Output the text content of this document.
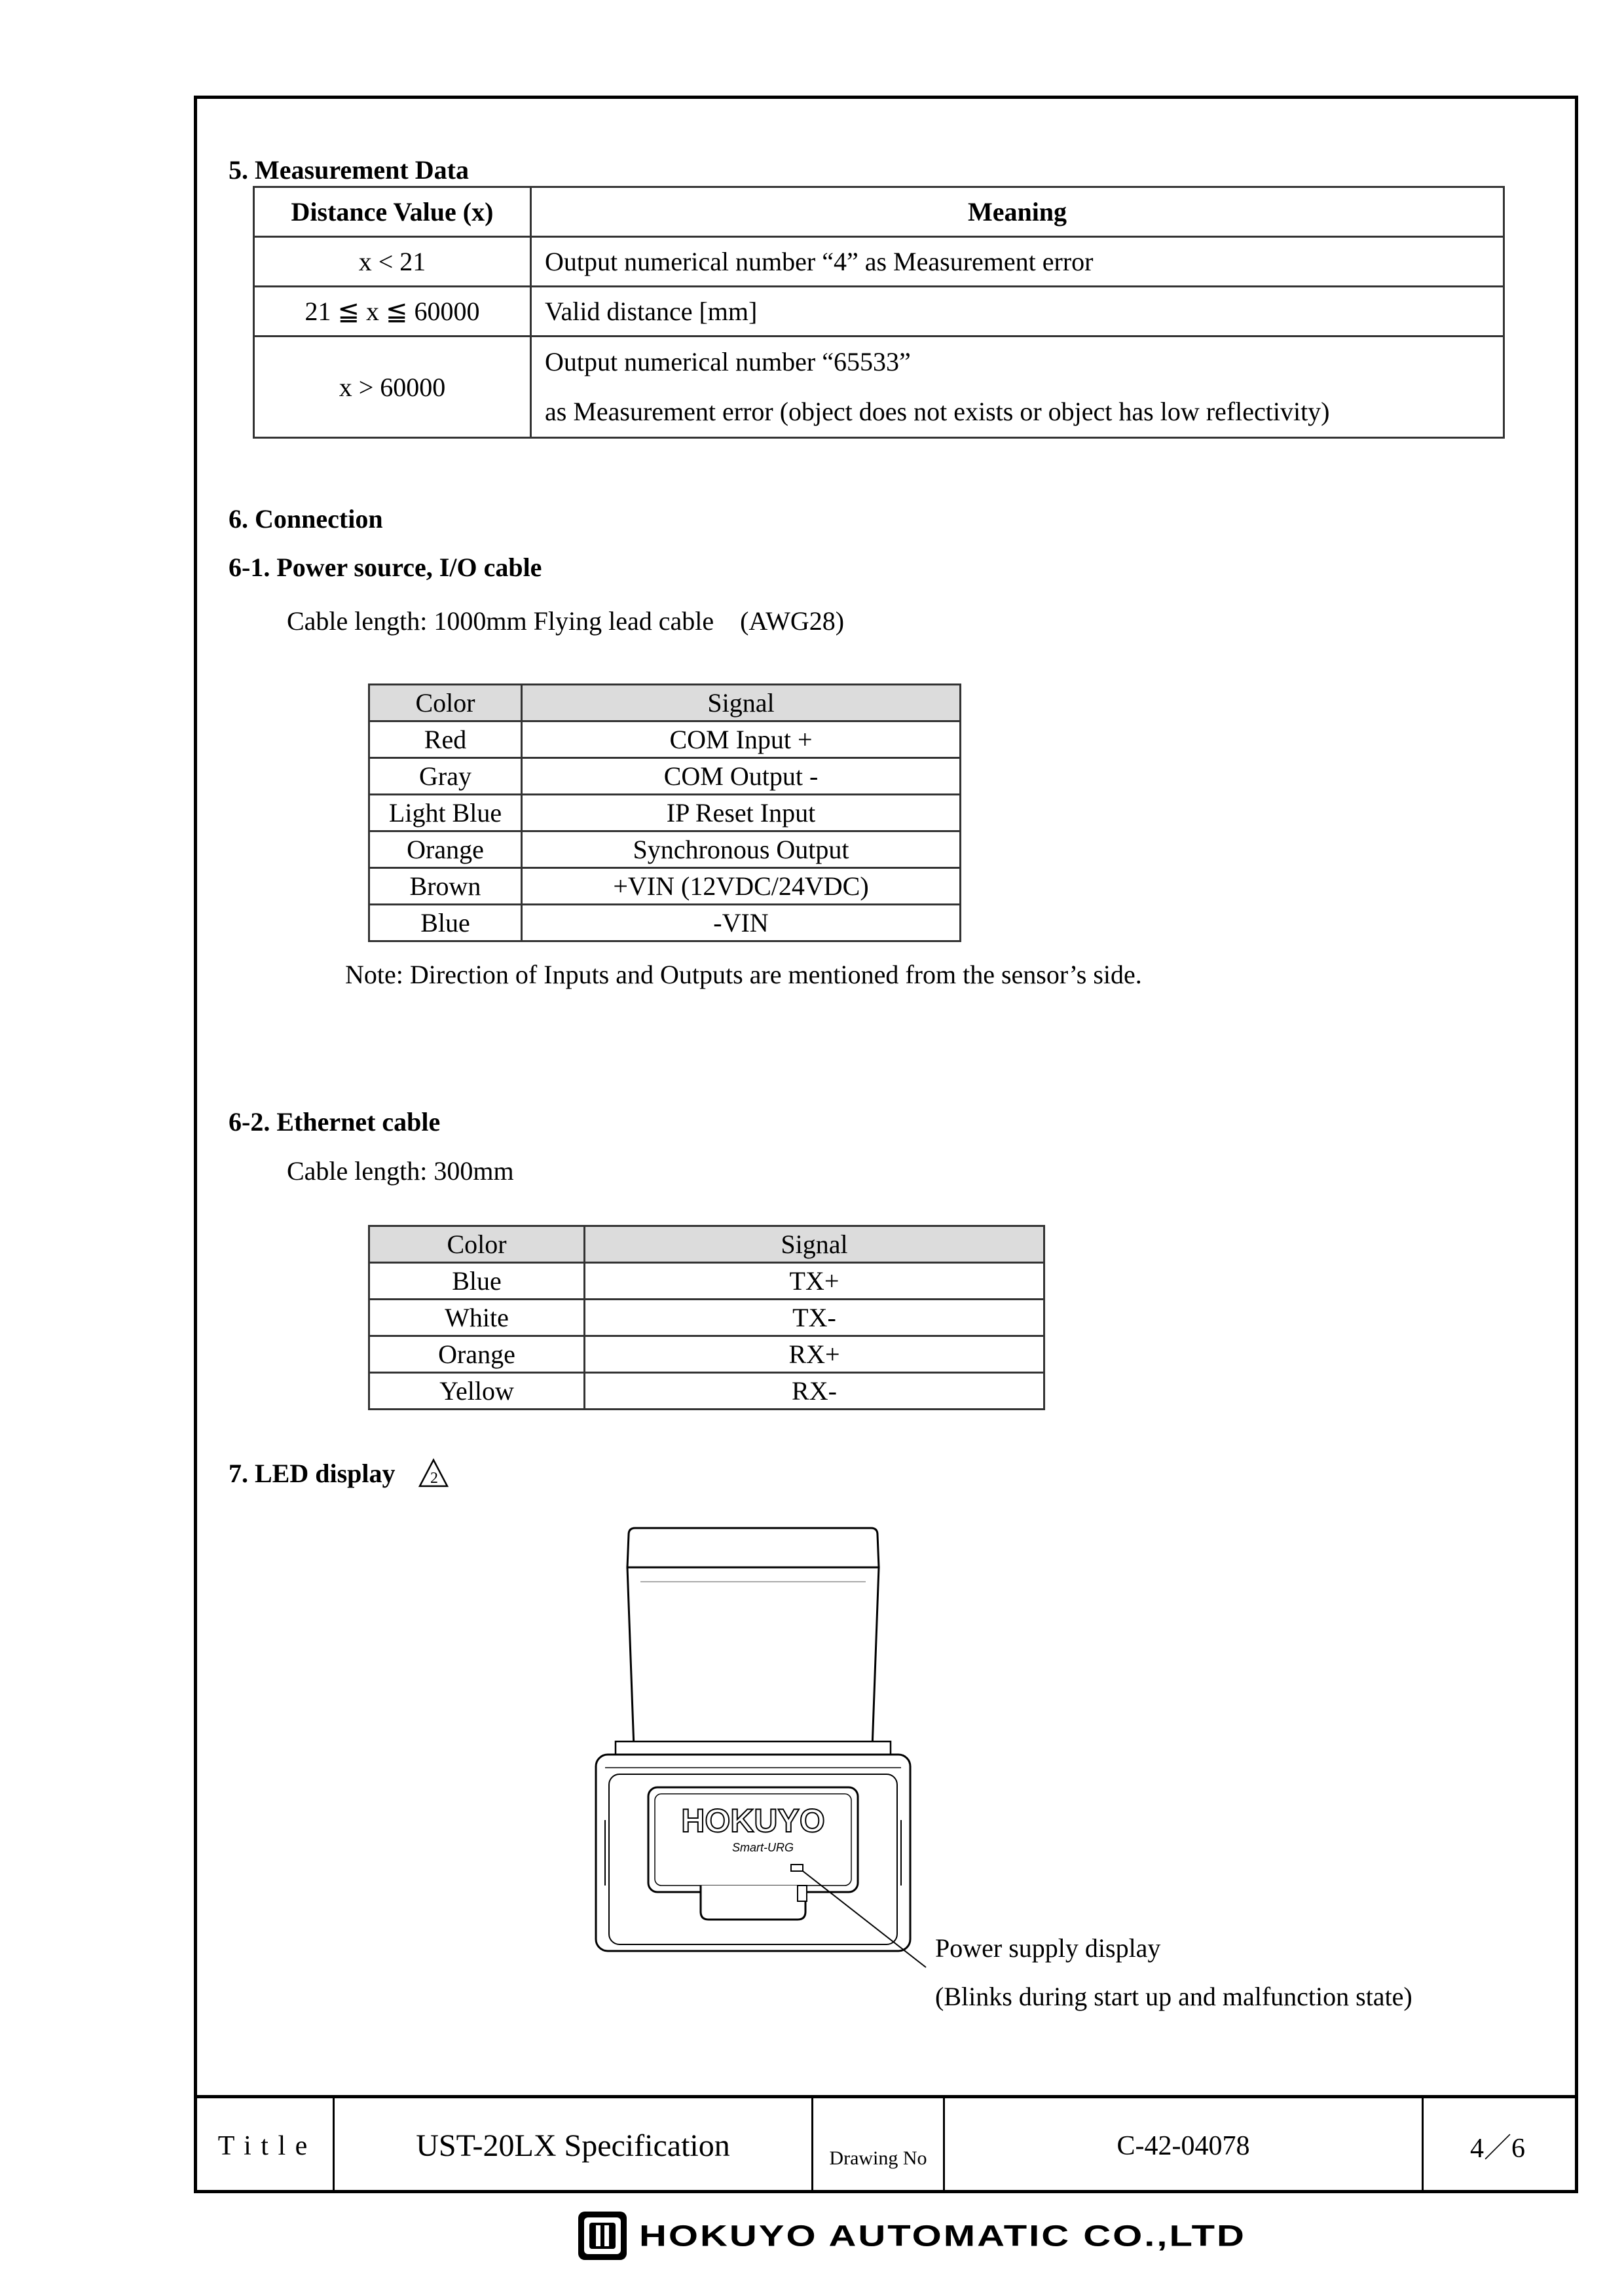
5. Measurement Data
Distance Value (x)	Meaning
x < 21	Output numerical number “4” as Measurement error
21 ≦ x ≦ 60000	Valid distance [mm]
x > 60000	Output numerical number “65533”
as Measurement error (object does not exists or object has low reflectivity)
6. Connection
6-1. Power source, I/O cable
Cable length: 1000mm Flying lead cable　(AWG28)
Color	Signal
Red	COM Input +
Gray	COM Output -
Light Blue	IP Reset Input
Orange	Synchronous Output
Brown	+VIN (12VDC/24VDC)
Blue	-VIN
Note: Direction of Inputs and Outputs are mentioned from the sensor’s side.
6-2. Ethernet cable
Cable length: 300mm
Color	Signal
Blue	TX+
White	TX-
Orange	RX+
Yellow	RX-
7. LED display 2
HOKUYO
Smart-URG
Power supply display
(Blinks during start up and malfunction state)
T i t l e	UST-20LX Specification	Drawing No	C-42-04078	4／6
HOKUYO AUTOMATIC CO.,LTD
